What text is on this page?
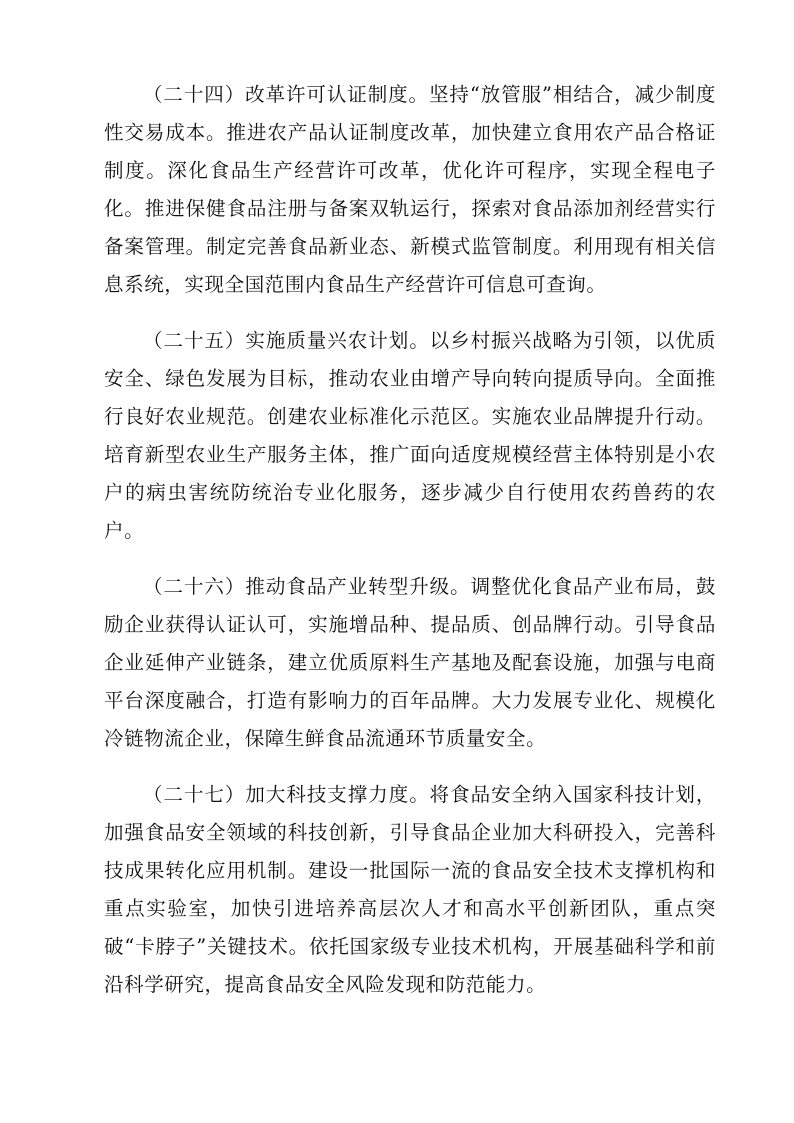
（二十四）改革许可认证制度。坚持“放管服”相结合，减少制度性交易成本。推进农产品认证制度改革，加快建立食用农产品合格证制度。深化食品生产经营许可改革，优化许可程序，实现全程电子化。推进保健食品注册与备案双轨运行，探索对食品添加剂经营实行备案管理。制定完善食品新业态、新模式监管制度。利用现有相关信息系统，实现全国范围内食品生产经营许可信息可查询。

（二十五）实施质量兴农计划。以乡村振兴战略为引领，以优质安全、绿色发展为目标，推动农业由增产导向转向提质导向。全面推行良好农业规范。创建农业标准化示范区。实施农业品牌提升行动。培育新型农业生产服务主体，推广面向适度规模经营主体特别是小农户的病虫害统防统治专业化服务，逐步减少自行使用农药兽药的农户。

（二十六）推动食品产业转型升级。调整优化食品产业布局，鼓励企业获得认证认可，实施增品种、提品质、创品牌行动。引导食品企业延伸产业链条，建立优质原料生产基地及配套设施，加强与电商平台深度融合，打造有影响力的百年品牌。大力发展专业化、规模化冷链物流企业，保障生鲜食品流通环节质量安全。

（二十七）加大科技支撑力度。将食品安全纳入国家科技计划，加强食品安全领域的科技创新，引导食品企业加大科研投入，完善科技成果转化应用机制。建设一批国际一流的食品安全技术支撑机构和重点实验室，加快引进培养高层次人才和高水平创新团队，重点突破“卡脖子”关键技术。依托国家级专业技术机构，开展基础科学和前沿科学研究，提高食品安全风险发现和防范能力。
